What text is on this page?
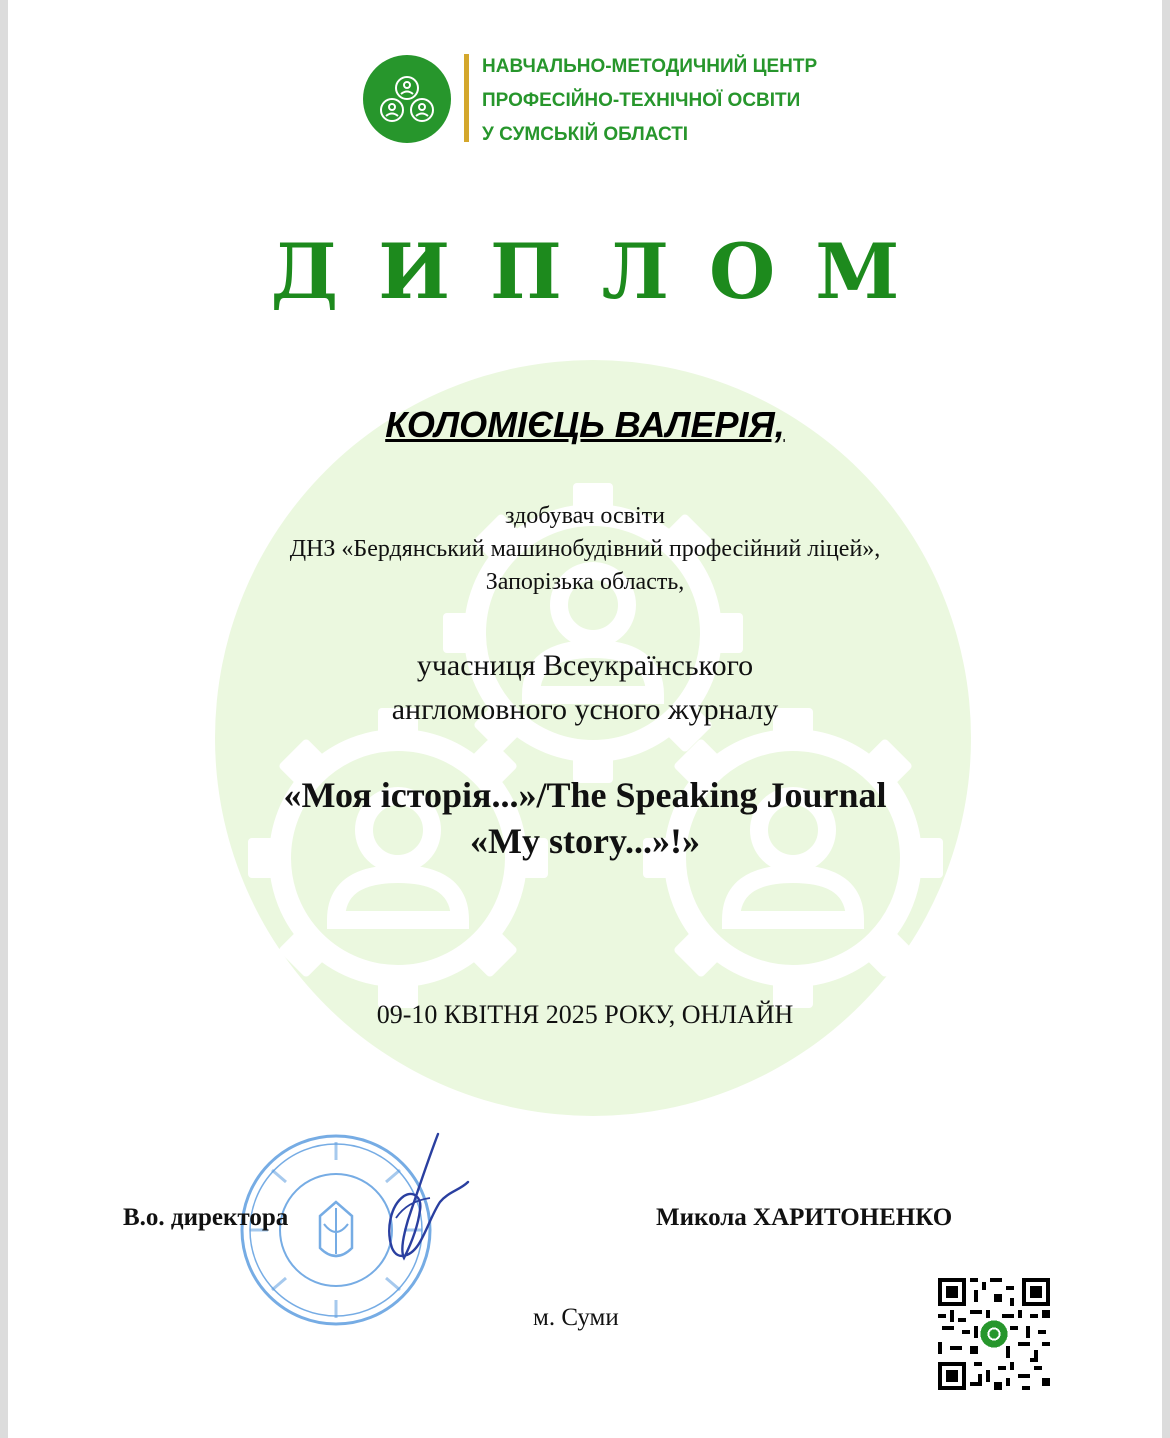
НАВЧАЛЬНО-МЕТОДИЧНИЙ ЦЕНТР
ПРОФЕСІЙНО-ТЕХНІЧНОЇ ОСВІТИ
У СУМСЬКІЙ ОБЛАСТІ
ДИПЛОМ
КОЛОМІЄЦЬ ВАЛЕРІЯ,
здобувач освіти
ДНЗ «Бердянський машинобудівний професійний ліцей»,
Запорізька область,
учасниця Всеукраїнського
англомовного усного журналу
«Моя історія...»/The Speaking Journal
«My story...»!»
09-10 КВІТНЯ 2025 РОКУ, ОНЛАЙН
В.о. директора	Микола ХАРИТОНЕНКО
м. Суми
